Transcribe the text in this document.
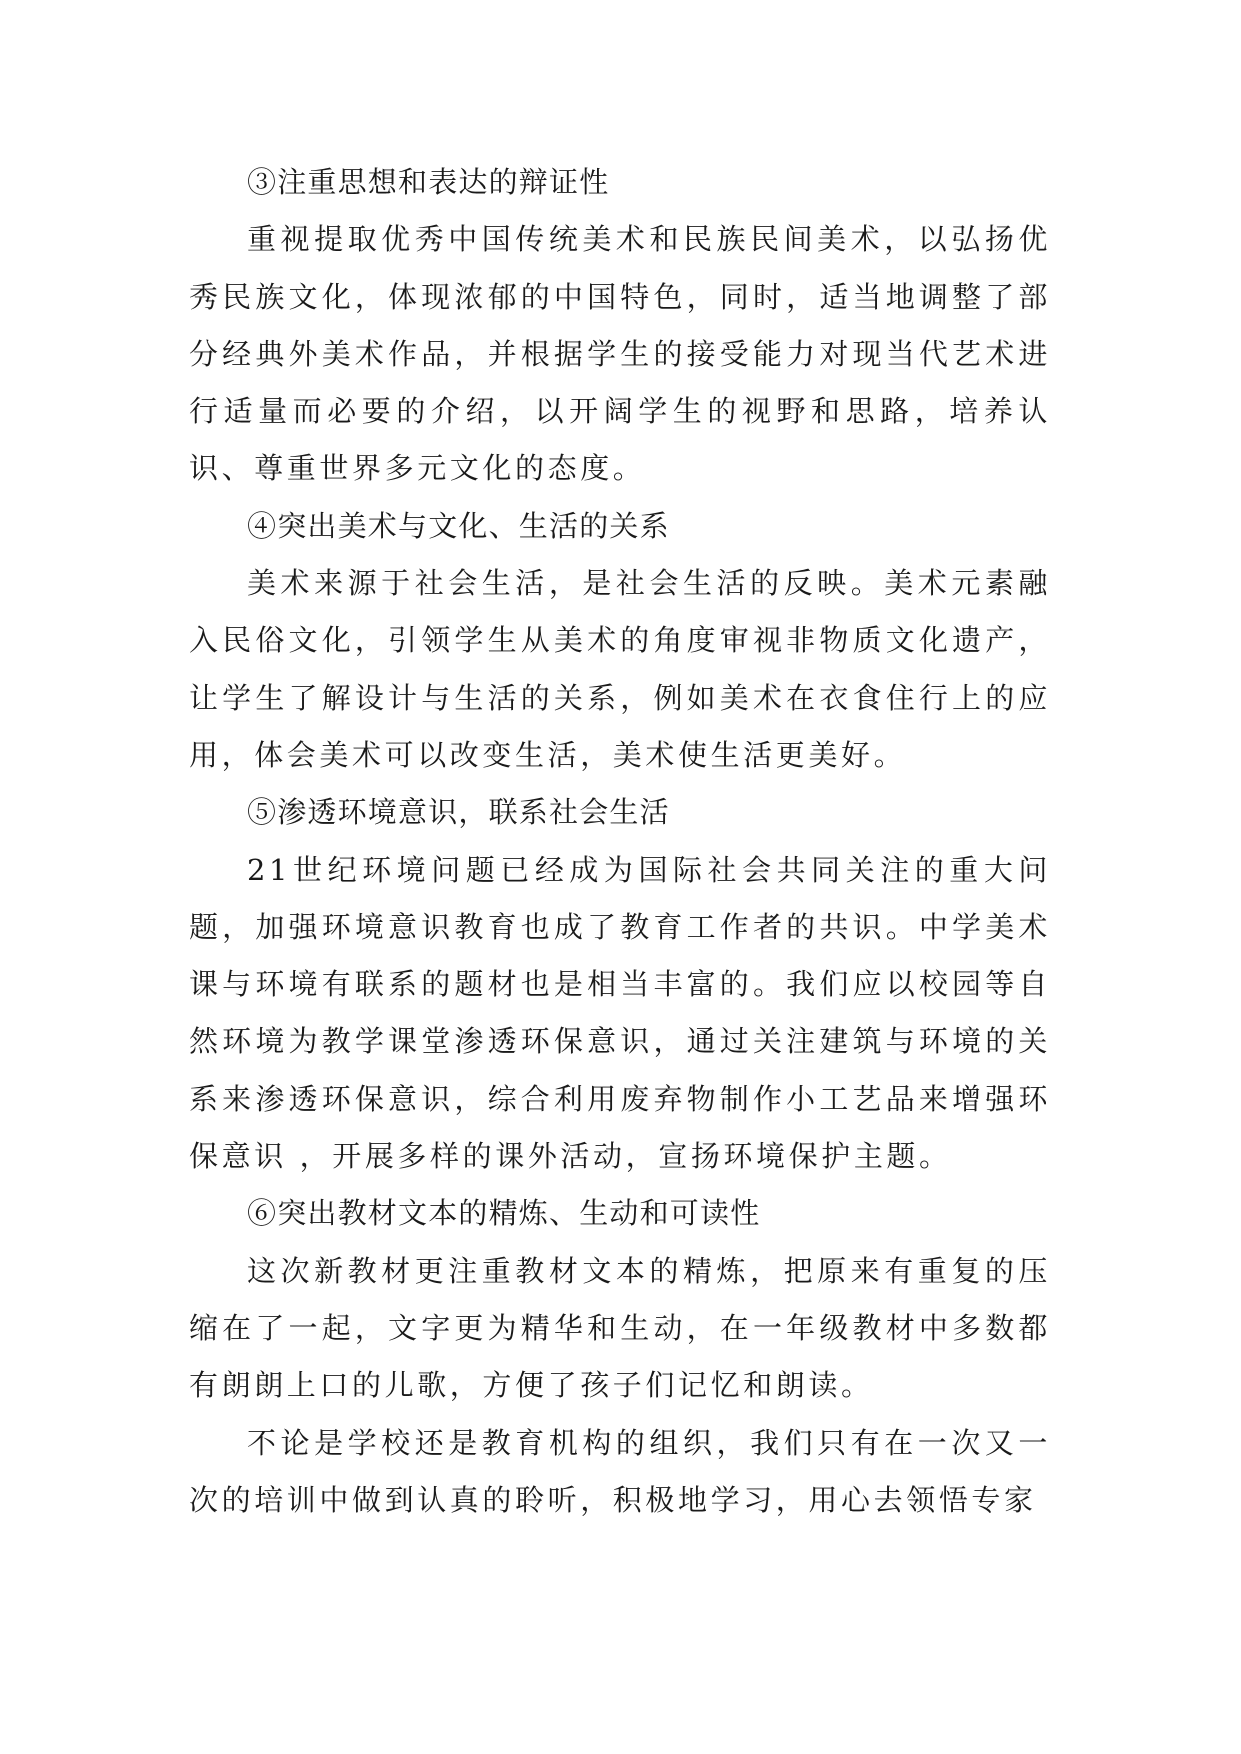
③注重思想和表达的辩证性

重视提取优秀中国传统美术和民族民间美术，以弘扬优秀民族文化，体现浓郁的中国特色，同时，适当地调整了部分经典外美术作品，并根据学生的接受能力对现当代艺术进行适量而必要的介绍，以开阔学生的视野和思路，培养认识、尊重世界多元文化的态度。

④突出美术与文化、生活的关系

美术来源于社会生活，是社会生活的反映。美术元素融入民俗文化，引领学生从美术的角度审视非物质文化遗产，让学生了解设计与生活的关系，例如美术在衣食住行上的应用，体会美术可以改变生活，美术使生活更美好。

⑤渗透环境意识，联系社会生活

21世纪环境问题已经成为国际社会共同关注的重大问题，加强环境意识教育也成了教育工作者的共识。中学美术课与环境有联系的题材也是相当丰富的。我们应以校园等自然环境为教学课堂渗透环保意识，通过关注建筑与环境的关系来渗透环保意识，综合利用废弃物制作小工艺品来增强环保意识 ，开展多样的课外活动，宣扬环境保护主题。

⑥突出教材文本的精炼、生动和可读性

这次新教材更注重教材文本的精炼，把原来有重复的压缩在了一起，文字更为精华和生动，在一年级教材中多数都有朗朗上口的儿歌，方便了孩子们记忆和朗读。

不论是学校还是教育机构的组织，我们只有在一次又一次的培训中做到认真的聆听，积极地学习，用心去领悟专家
